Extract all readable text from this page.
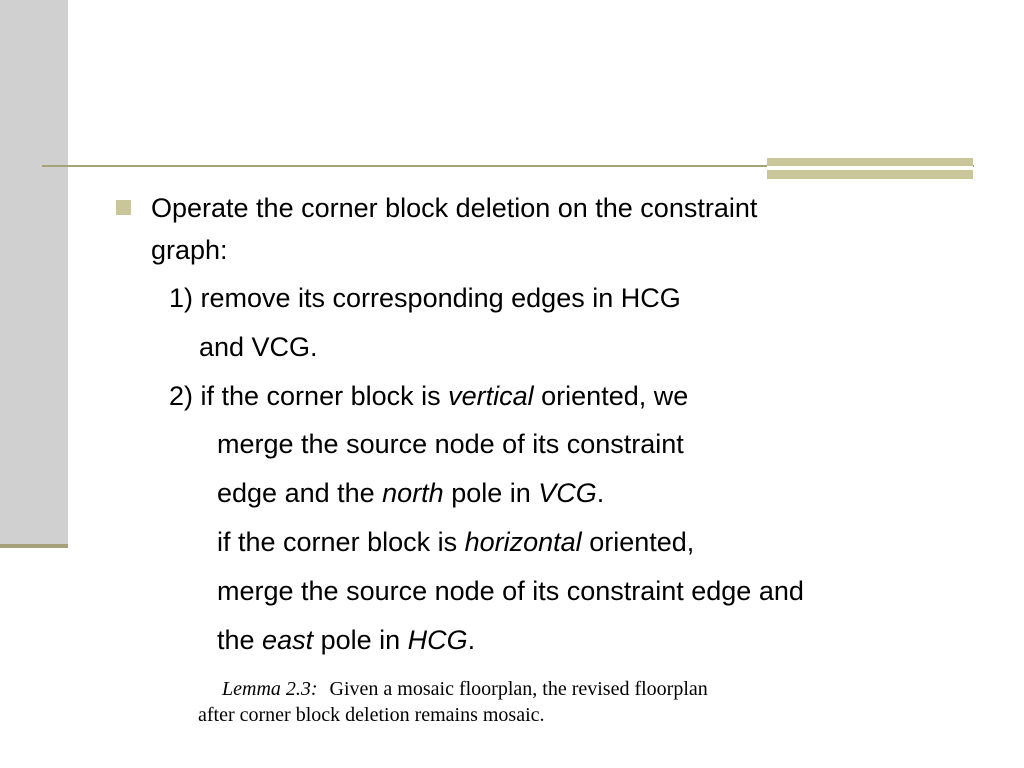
Operate the corner block deletion on the constraint
graph:
1) remove its corresponding edges in HCG
and VCG.
2) if the corner block is vertical oriented, we
merge the source node of its constraint
edge and the north pole in VCG.
if the corner block is horizontal oriented,
merge the source node of its constraint edge and
the east pole in HCG.
Lemma 2.3: Given a mosaic floorplan, the revised floorplan
after corner block deletion remains mosaic.
